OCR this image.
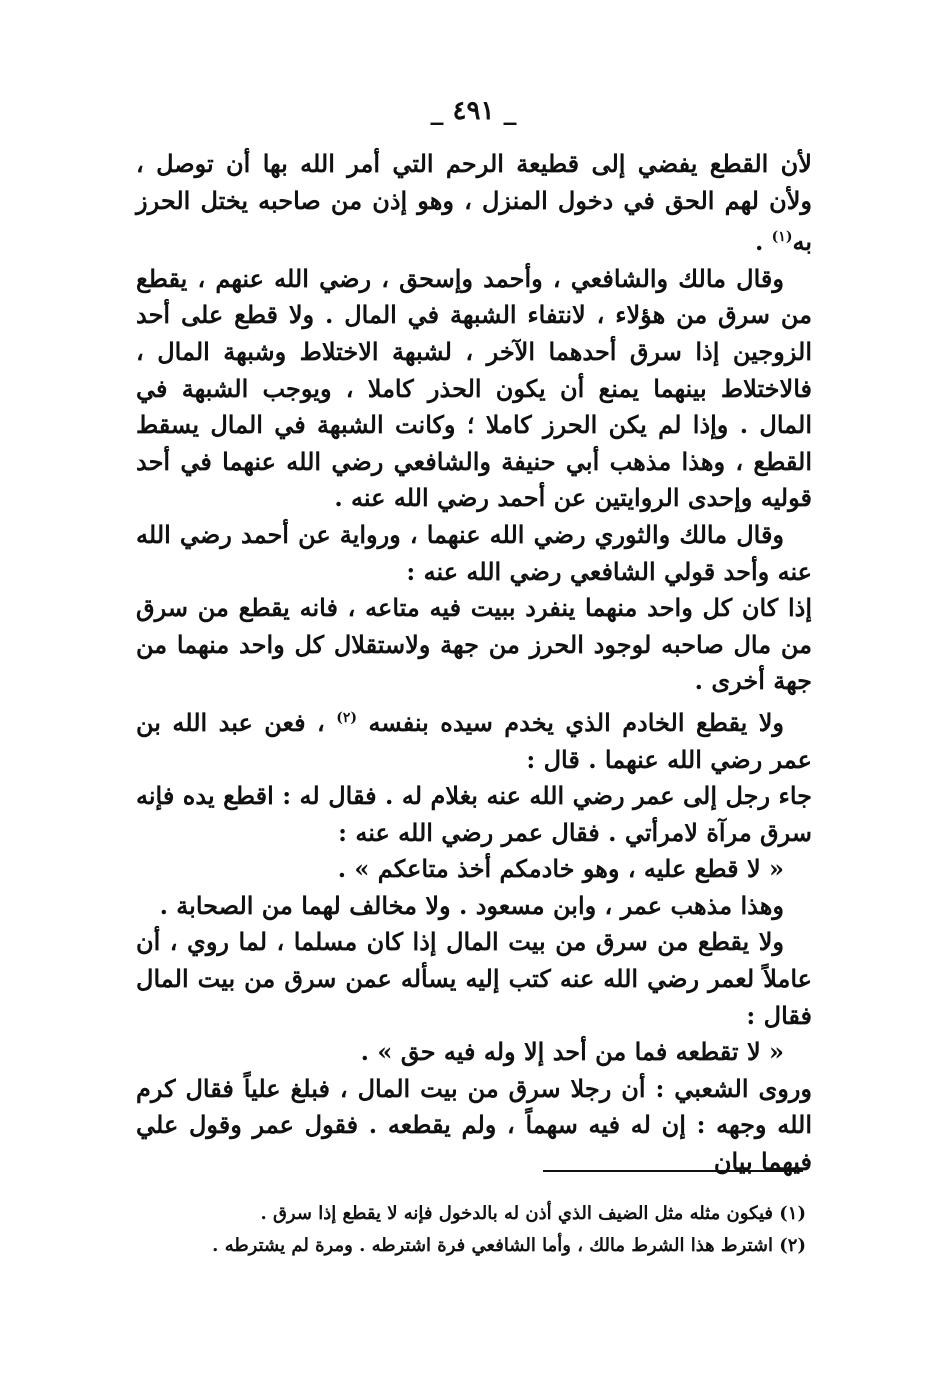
_ ٤٩١ _

لأن القطع يفضي إلى قطيعة الرحم التي أمر الله بها أن توصل ، ولأن لهم الحق في دخول المنزل ، وهو إذن من صاحبه يختل الحرز به$^{(١)}$ .

وقال مالك والشافعي ، وأحمد وإسحق ، رضي الله عنهم ، يقطع من سرق من هؤلاء ، لانتفاء الشبهة في المال . ولا قطع على أحد الزوجين إذا سرق أحدهما الآخر ، لشبهة الاختلاط وشبهة المال ، فالاختلاط بينهما يمنع أن يكون الحذر كاملا ، ويوجب الشبهة في المال . وإذا لم يكن الحرز كاملا ؛ وكانت الشبهة في المال يسقط القطع ، وهذا مذهب أبي حنيفة والشافعي رضي الله عنهما في أحد قوليه وإحدى الروايتين عن أحمد رضي الله عنه .

وقال مالك والثوري رضي الله عنهما ، ورواية عن أحمد رضي الله عنه وأحد قولي الشافعي رضي الله عنه :

إذا كان كل واحد منهما ينفرد ببيت فيه متاعه ، فانه يقطع من سرق من مال صاحبه لوجود الحرز من جهة ولاستقلال كل واحد منهما من جهة أخرى .

ولا يقطع الخادم الذي يخدم سيده بنفسه $^{(٢)}$ ، فعن عبد الله بن عمر رضي الله عنهما . قال :

جاء رجل إلى عمر رضي الله عنه بغلام له . فقال له : اقطع يده فإنه سرق مرآة لامرأتي . فقال عمر رضي الله عنه :

« لا قطع عليه ، وهو خادمكم أخذ متاعكم » .

وهذا مذهب عمر ، وابن مسعود . ولا مخالف لهما من الصحابة .

ولا يقطع من سرق من بيت المال إذا كان مسلما ، لما روي ، أن عاملاً لعمر رضي الله عنه كتب إليه يسأله عمن سرق من بيت المال فقال :

« لا تقطعه فما من أحد إلا وله فيه حق » .

وروى الشعبي : أن رجلا سرق من بيت المال ، فبلغ علياً فقال كرم الله وجهه : إن له فيه سهماً ، ولم يقطعه . فقول عمر وقول علي فيهما بيان

(١) فيكون مثله مثل الضيف الذي أذن له بالدخول فإنه لا يقطع إذا سرق .

(٢) اشترط هذا الشرط مالك ، وأما الشافعي فرة اشترطه . ومرة لم يشترطه .
